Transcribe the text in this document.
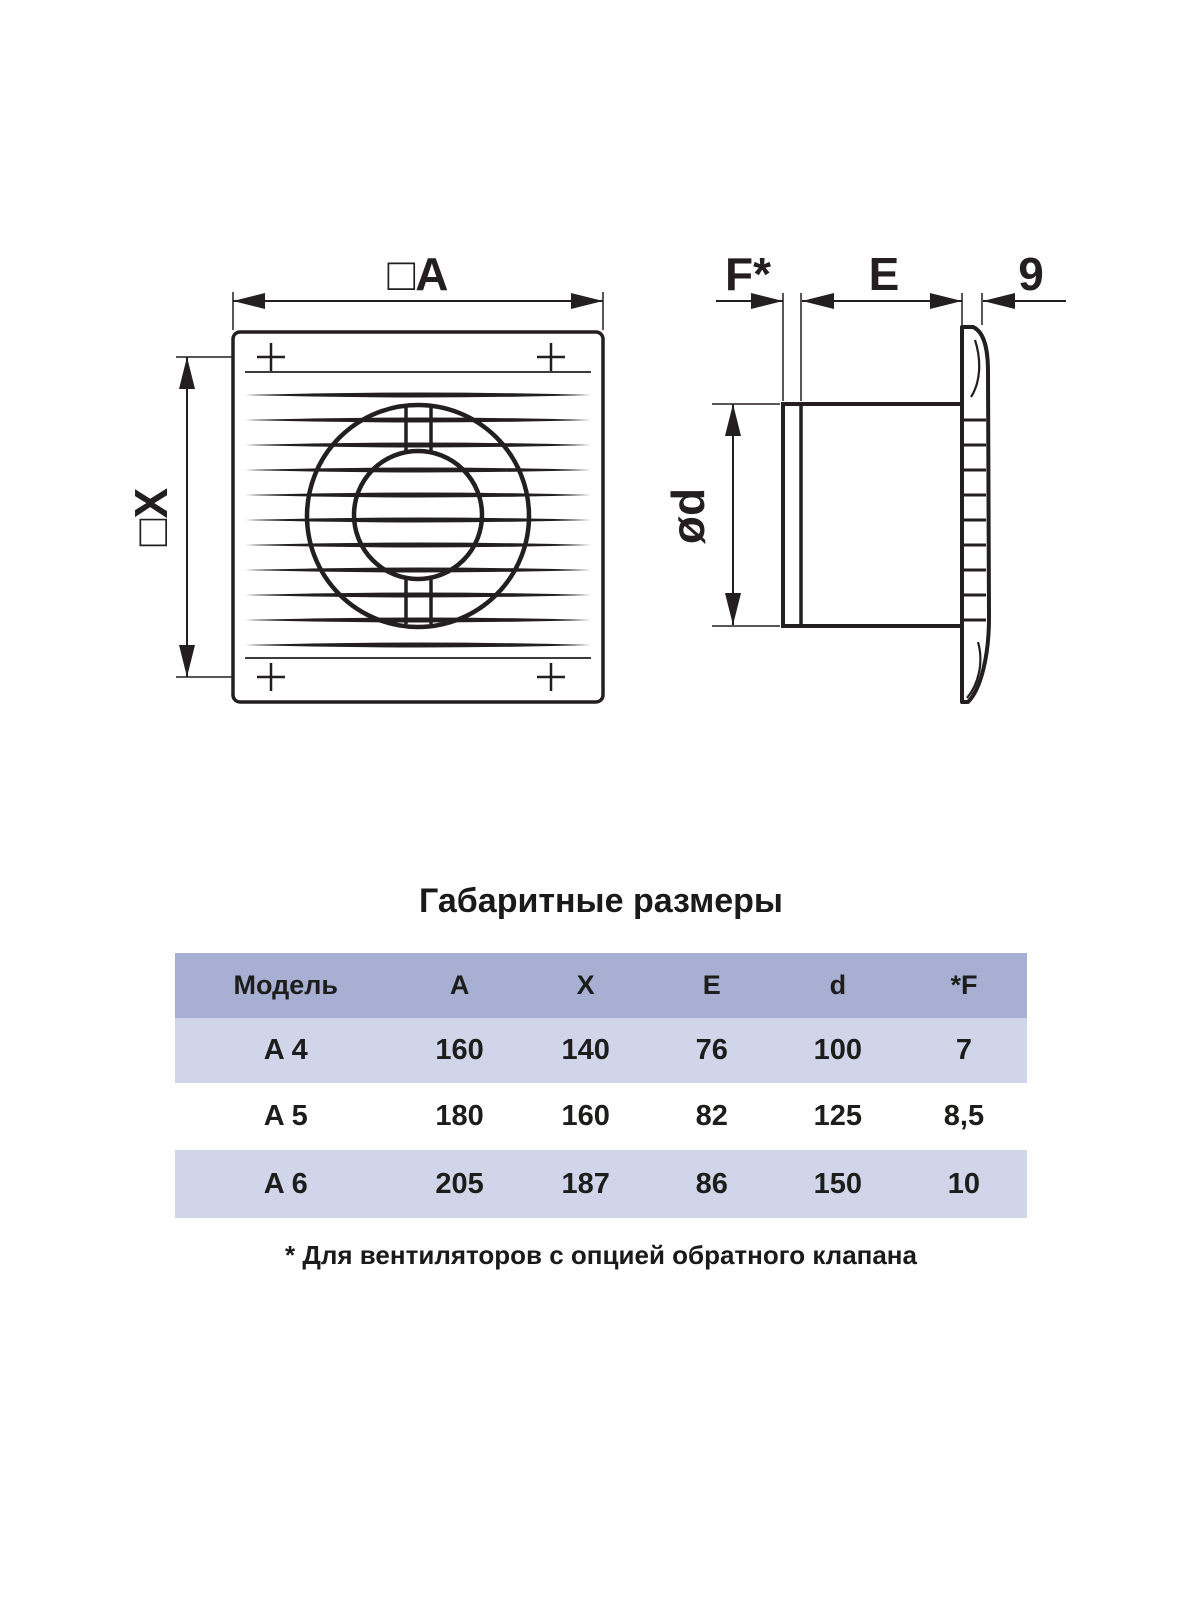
□A
□X
F* E	9
ød
Габаритные размеры
Модель	A	X	E	d	*F
A 4	160	140	76	100	7
A 5	180	160	82	125	8,5
A 6	205	187	86	150	10
* Для вентиляторов с опцией обратного клапана
